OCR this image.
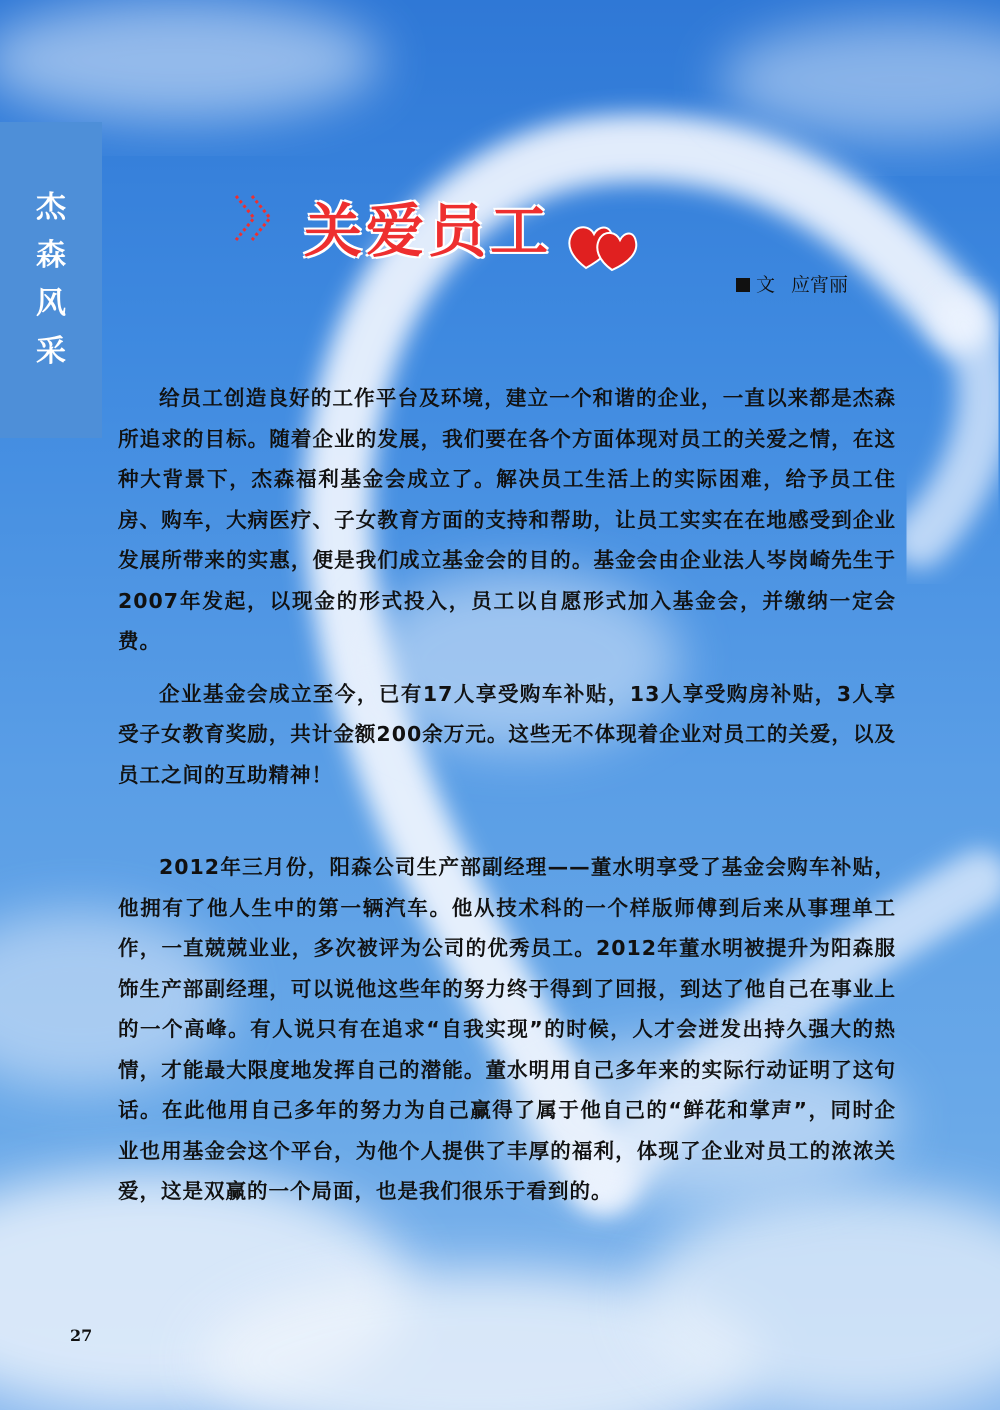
杰森风采
关爱员工
文 应宵丽

给员工创造良好的工作平台及环境，建立一个和谐的企业，一直以来都是杰森所追求的目标。随着企业的发展，我们要在各个方面体现对员工的关爱之情，在这种大背景下，杰森福利基金会成立了。解决员工生活上的实际困难，给予员工住房、购车，大病医疗、子女教育方面的支持和帮助，让员工实实在在地感受到企业发展所带来的实惠，便是我们成立基金会的目的。基金会由企业法人岑岗崎先生于2007年发起，以现金的形式投入，员工以自愿形式加入基金会，并缴纳一定会费。

企业基金会成立至今，已有17人享受购车补贴，13人享受购房补贴，3人享受子女教育奖励，共计金额200余万元。这些无不体现着企业对员工的关爱，以及员工之间的互助精神！

2012年三月份，阳森公司生产部副经理——董水明享受了基金会购车补贴，他拥有了他人生中的第一辆汽车。他从技术科的一个样版师傅到后来从事理单工作，一直兢兢业业，多次被评为公司的优秀员工。2012年董水明被提升为阳森服饰生产部副经理，可以说他这些年的努力终于得到了回报，到达了他自己在事业上的一个高峰。有人说只有在追求“自我实现”的时候，人才会迸发出持久强大的热情，才能最大限度地发挥自己的潜能。董水明用自己多年来的实际行动证明了这句话。在此他用自己多年的努力为自己赢得了属于他自己的“鲜花和掌声”，同时企业也用基金会这个平台，为他个人提供了丰厚的福利，体现了企业对员工的浓浓关爱，这是双赢的一个局面，也是我们很乐于看到的。

27
